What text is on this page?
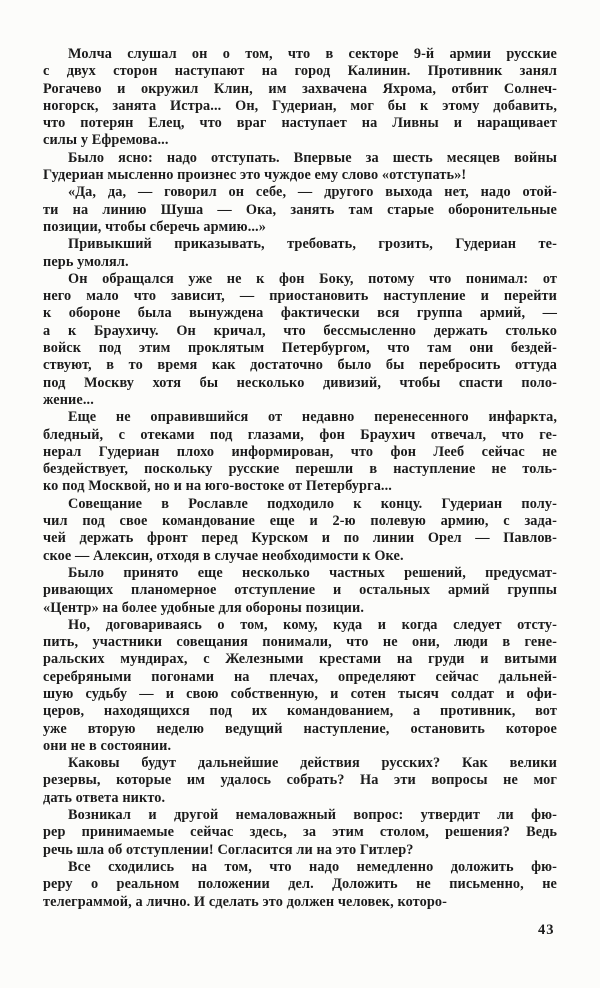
Молча слушал он о том, что в секторе 9-й армии русские
с двух сторон наступают на город Калинин. Противник занял
Рогачево и окружил Клин, им захвачена Яхрома, отбит Солнеч-
ногорск, занята Истра... Он, Гудериан, мог бы к этому добавить,
что потерян Елец, что враг наступает на Ливны и наращивает
силы у Ефремова...
Было ясно: надо отступать. Впервые за шесть месяцев войны
Гудериан мысленно произнес это чуждое ему слово «отступать»!
«Да, да, — говорил он себе, — другого выхода нет, надо отой-
ти на линию Шуша — Ока, занять там старые оборонительные
позиции, чтобы сберечь армию...»
Привыкший приказывать, требовать, грозить, Гудериан те-
перь умолял.
Он обращался уже не к фон Боку, потому что понимал: от
него мало что зависит, — приостановить наступление и перейти
к обороне была вынуждена фактически вся группа армий, —
а к Браухичу. Он кричал, что бессмысленно держать столько
войск под этим проклятым Петербургом, что там они бездей-
ствуют, в то время как достаточно было бы перебросить оттуда
под Москву хотя бы несколько дивизий, чтобы спасти поло-
жение...
Еще не оправившийся от недавно перенесенного инфаркта,
бледный, с отеками под глазами, фон Браухич отвечал, что ге-
нерал Гудериан плохо информирован, что фон Лееб сейчас не
бездействует, поскольку русские перешли в наступление не толь-
ко под Москвой, но и на юго-востоке от Петербурга...
Совещание в Рославле подходило к концу. Гудериан полу-
чил под свое командование еще и 2-ю полевую армию, с зада-
чей держать фронт перед Курском и по линии Орел — Павлов-
ское — Алексин, отходя в случае необходимости к Оке.
Было принято еще несколько частных решений, предусмат-
ривающих планомерное отступление и остальных армий группы
«Центр» на более удобные для обороны позиции.
Но, договариваясь о том, кому, куда и когда следует отсту-
пить, участники совещания понимали, что не они, люди в гене-
ральских мундирах, с Железными крестами на груди и витыми
серебряными погонами на плечах, определяют сейчас дальней-
шую судьбу — и свою собственную, и сотен тысяч солдат и офи-
церов, находящихся под их командованием, а противник, вот
уже вторую неделю ведущий наступление, остановить которое
они не в состоянии.
Каковы будут дальнейшие действия русских? Как велики
резервы, которые им удалось собрать? На эти вопросы не мог
дать ответа никто.
Возникал и другой немаловажный вопрос: утвердит ли фю-
рер принимаемые сейчас здесь, за этим столом, решения? Ведь
речь шла об отступлении! Согласится ли на это Гитлер?
Все сходились на том, что надо немедленно доложить фю-
реру о реальном положении дел. Доложить не письменно, не
телеграммой, а лично. И сделать это должен человек, которо-
43
